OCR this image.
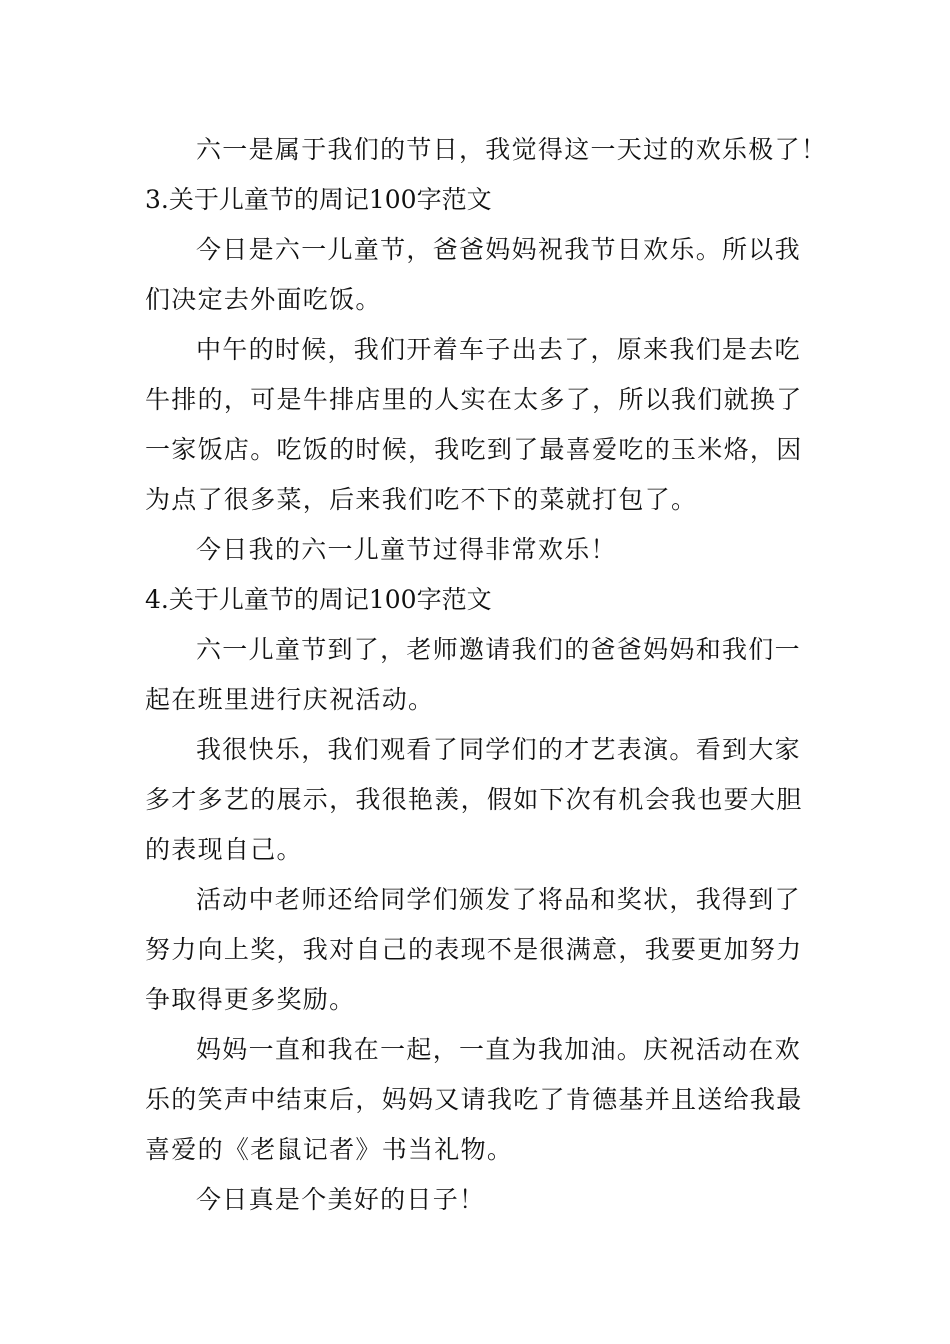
六一是属于我们的节日，我觉得这一天过的欢乐极了！
3.关于儿童节的周记100字范文
今日是六一儿童节，爸爸妈妈祝我节日欢乐。所以我
们决定去外面吃饭。
中午的时候，我们开着车子出去了，原来我们是去吃
牛排的，可是牛排店里的人实在太多了，所以我们就换了
一家饭店。吃饭的时候，我吃到了最喜爱吃的玉米烙，因
为点了很多菜，后来我们吃不下的菜就打包了。
今日我的六一儿童节过得非常欢乐！
4.关于儿童节的周记100字范文
六一儿童节到了，老师邀请我们的爸爸妈妈和我们一
起在班里进行庆祝活动。
我很快乐，我们观看了同学们的才艺表演。看到大家
多才多艺的展示，我很艳羡，假如下次有机会我也要大胆
的表现自己。
活动中老师还给同学们颁发了将品和奖状，我得到了
努力向上奖，我对自己的表现不是很满意，我要更加努力
争取得更多奖励。
妈妈一直和我在一起，一直为我加油。庆祝活动在欢
乐的笑声中结束后，妈妈又请我吃了肯德基并且送给我最
喜爱的《老鼠记者》书当礼物。
今日真是个美好的日子！
